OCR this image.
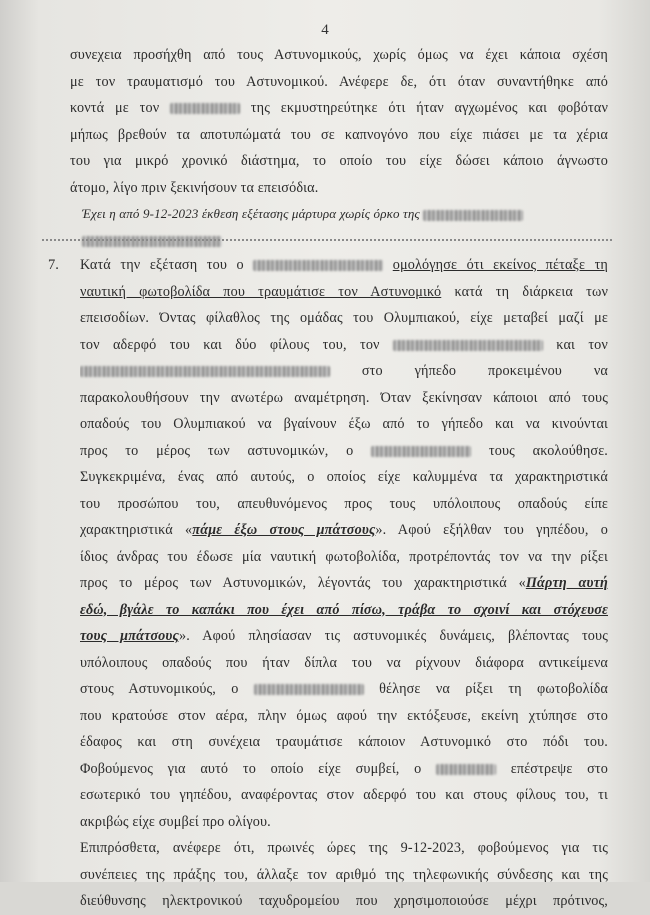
4
συνεχεια προσήχθη από τους Αστυνομικούς, χωρίς όμως να έχει κάποια σχέση
με τον τραυματισμό του Αστυνομικού. Ανέφερε δε, ότι όταν συναντήθηκε από
κοντά με τον	της εκμυστηρεύτηκε ότι ήταν αγχωμένος και φοβόταν
μήπως βρεθούν τα αποτυπώματά του σε καπνογόνο που είχε πιάσει με τα χέρια
του για μικρό χρονικό διάστημα, το οποίο του είχε δώσει κάποιο άγνωστο
άτομο, λίγο πριν ξεκινήσουν τα επεισόδια.
Έχει η από 9-12-2023 έκθεση εξέτασης μάρτυρα χωρίς όρκο της
7. Κατά την εξέταση του ο	ομολόγησε ότι εκείνος πέταξε τη
ναυτική φωτοβολίδα που τραυμάτισε τον Αστυνομικό κατά τη διάρκεια των
επεισοδίων. Όντας φίλαθλος της ομάδας του Ολυμπιακού, είχε μεταβεί μαζί με
τον αδερφό του και δύο φίλους του, τον	και τον
στο γήπεδο προκειμένου να
παρακολουθήσουν την ανωτέρω αναμέτρηση. Όταν ξεκίνησαν κάποιοι από τους
οπαδούς του Ολυμπιακού να βγαίνουν έξω από το γήπεδο και να κινούνται
προς το μέρος των αστυνομικών, ο	τους ακολούθησε.
Συγκεκριμένα, ένας από αυτούς, ο οποίος είχε καλυμμένα τα χαρακτηριστικά
του προσώπου του, απευθυνόμενος προς τους υπόλοιπους οπαδούς είπε
χαρακτηριστικά «πάμε έξω στους μπάτσους». Αφού εξήλθαν του γηπέδου, ο
ίδιος άνδρας του έδωσε μία ναυτική φωτοβολίδα, προτρέποντάς τον να την ρίξει
προς το μέρος των Αστυνομικών, λέγοντάς του χαρακτηριστικά «Πάρτη αυτή
εδώ, βγάλε το καπάκι που έχει από πίσω, τράβα το σχοινί και στόχευσε
τους μπάτσους». Αφού πλησίασαν τις αστυνομικές δυνάμεις, βλέποντας τους
υπόλοιπους οπαδούς που ήταν δίπλα του να ρίχνουν διάφορα αντικείμενα
στους Αστυνομικούς, ο	θέλησε να ρίξει τη φωτοβολίδα
που κρατούσε στον αέρα, πλην όμως αφού την εκτόξευσε, εκείνη χτύπησε στο
έδαφος και στη συνέχεια τραυμάτισε κάποιον Αστυνομικό στο πόδι του.
Φοβούμενος για αυτό το οποίο είχε συμβεί, ο	επέστρεψε στο
εσωτερικό του γηπέδου, αναφέροντας στον αδερφό του και στους φίλους του, τι
ακριβώς είχε συμβεί προ ολίγου.
Επιπρόσθετα, ανέφερε ότι, πρωινές ώρες της 9-12-2023, φοβούμενος για τις
συνέπειες της πράξης του, άλλαξε τον αριθμό της τηλεφωνικής σύνδεσης και της
διεύθυνσης ηλεκτρονικού ταχυδρομείου που χρησιμοποιούσε μέχρι πρότινος,
